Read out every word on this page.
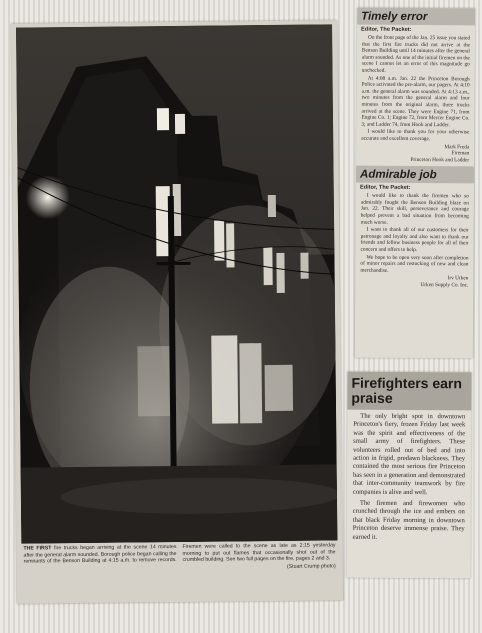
THE FIRST fire trucks began arriving at the scene 14 minutes after the general alarm sounded. Borough police began calling the remnants of the Benson Building at 4:15 a.m. to remove records. Firemen were called to the scene as late as 2:15 yesterday morning to put out flames that occasionally shot out of the crumbled building. See two full pages on the fire, pages 2 and 3.
(Stuart Crump photo)
Timely error
Editor, The Packet:

On the front page of the Jan. 25 issue you stated that the first fire trucks did not arrive at the Benson Building until 14 minutes after the general alarm sounded. As one of the initial firemen on the scene I cannot let an error of this magnitude go unchecked.

At 4:08 a.m. Jan. 22 the Princeton Borough Police activated the pre-alarm, our pagers. At 4:10 a.m. the general alarm was sounded. At 4:13 a.m., two minutes from the general alarm and four minutes from the original alarm, three trucks arrived at the scene. They were Engine 71, from Engine Co. 1; Engine 72, from Mercer Engine Co. 3; and Ladder 74, from Hook and Ladder.

I would like to thank you for your otherwise accurate and excellent coverage.

Mark Freda
Fireman
Princeton Hook and Ladder
Admirable job
Editor, The Packet:

I would like to thank the firemen who so admirably fought the Benson Building blaze on Jan. 22. Their skill, perseverance and courage helped prevent a bad situation from becoming much worse.

I want to thank all of our customers for their patronage and loyalty and also want to thank our friends and fellow business people for all of their concern and offers to help.

We hope to be open very soon after completion of minor repairs and restocking of new and clean merchandise.

Irv Urken
Urken Supply Co. Inc.
Firefighters earn praise

The only bright spot in downtown Princeton's fiery, frozen Friday last week was the spirit and effectiveness of the small army of firefighters. These volunteers rolled out of bed and into action in frigid, predawn blackness. They contained the most serious fire Princeton has seen in a generation and demonstrated that inter-community teamwork by fire companies is alive and well.

The firemen and firewomen who crunched through the ice and embers on that black Friday morning in downtown Princeton deserve immense praise. They earned it.
